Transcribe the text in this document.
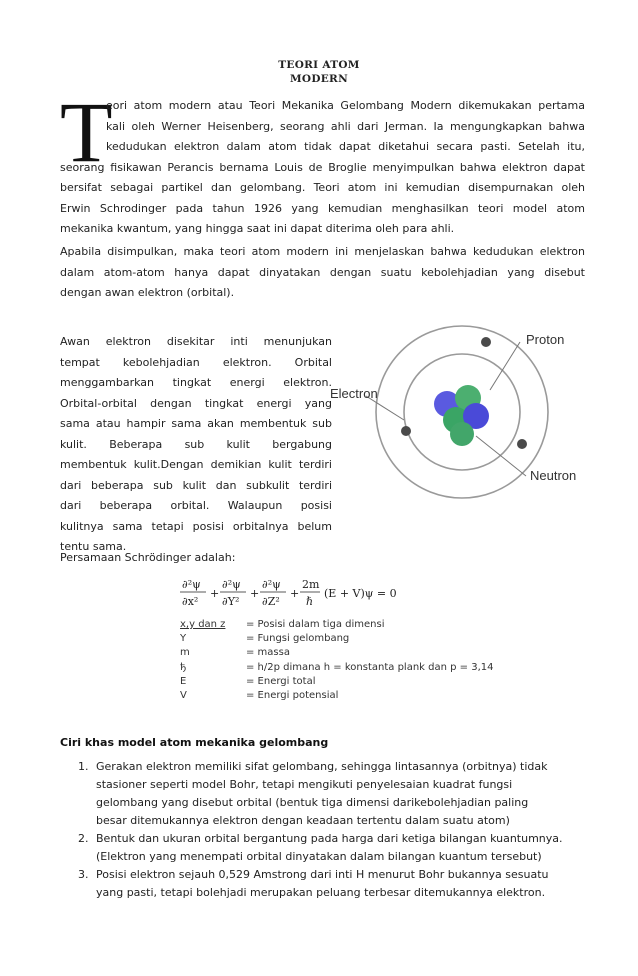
TEORI ATOM
MODERN
T
eori atom modern atau Teori Mekanika Gelombang Modern dikemukakan pertama
kali oleh Werner Heisenberg, seorang ahli dari Jerman. Ia mengungkapkan bahwa
kedudukan elektron dalam atom tidak dapat diketahui secara pasti. Setelah itu,
seorang fisikawan Perancis bernama Louis de Broglie menyimpulkan bahwa elektron dapat
bersifat sebagai partikel dan gelombang. Teori atom ini kemudian disempurnakan oleh
Erwin Schrodinger pada tahun 1926 yang kemudian menghasilkan teori model atom
mekanika kwantum, yang hingga saat ini dapat diterima oleh para ahli.
Apabila disimpulkan, maka teori atom modern ini menjelaskan bahwa kedudukan elektron
dalam atom-atom hanya dapat dinyatakan dengan suatu kebolehjadian yang disebut
dengan awan elektron (orbital).
Awan elektron disekitar inti menunjukan
tempat kebolehjadian elektron. Orbital
menggambarkan tingkat energi elektron.
Orbital-orbital dengan tingkat energi yang
sama atau hampir sama akan membentuk sub
kulit. Beberapa sub kulit bergabung
membentuk kulit.Dengan demikian kulit terdiri
dari beberapa sub kulit dan subkulit terdiri
dari beberapa orbital. Walaupun posisi
kulitnya sama tetapi posisi orbitalnya belum
tentu sama.
Proton
Electron
Neutron
Persamaan Schrödinger adalah:
∂²ψ
∂x²
+
∂²ψ
∂Y²
+
∂²ψ
∂Z²
+
2m
ℏ
(E + V)ψ = 0
∂²ψ/∂x² + ∂²ψ/∂Y² + ∂²ψ/∂Z² + 2m/ℏ (E + V)ψ = 0
x,y dan z = Posisi dalam tiga dimensi
Y	= Fungsi gelombang
m	= massa
ђ	= h/2p dimana h = konstanta plank dan p = 3,14
E	= Energi total
V	= Energi potensial
Ciri khas model atom mekanika gelombang
1. Gerakan elektron memiliki sifat gelombang, sehingga lintasannya (orbitnya) tidak
stasioner seperti model Bohr, tetapi mengikuti penyelesaian kuadrat fungsi
gelombang yang disebut orbital (bentuk tiga dimensi darikebolehjadian paling
besar ditemukannya elektron dengan keadaan tertentu dalam suatu atom)
2. Bentuk dan ukuran orbital bergantung pada harga dari ketiga bilangan kuantumnya.
(Elektron yang menempati orbital dinyatakan dalam bilangan kuantum tersebut)
3. Posisi elektron sejauh 0,529 Amstrong dari inti H menurut Bohr bukannya sesuatu
yang pasti, tetapi bolehjadi merupakan peluang terbesar ditemukannya elektron.
